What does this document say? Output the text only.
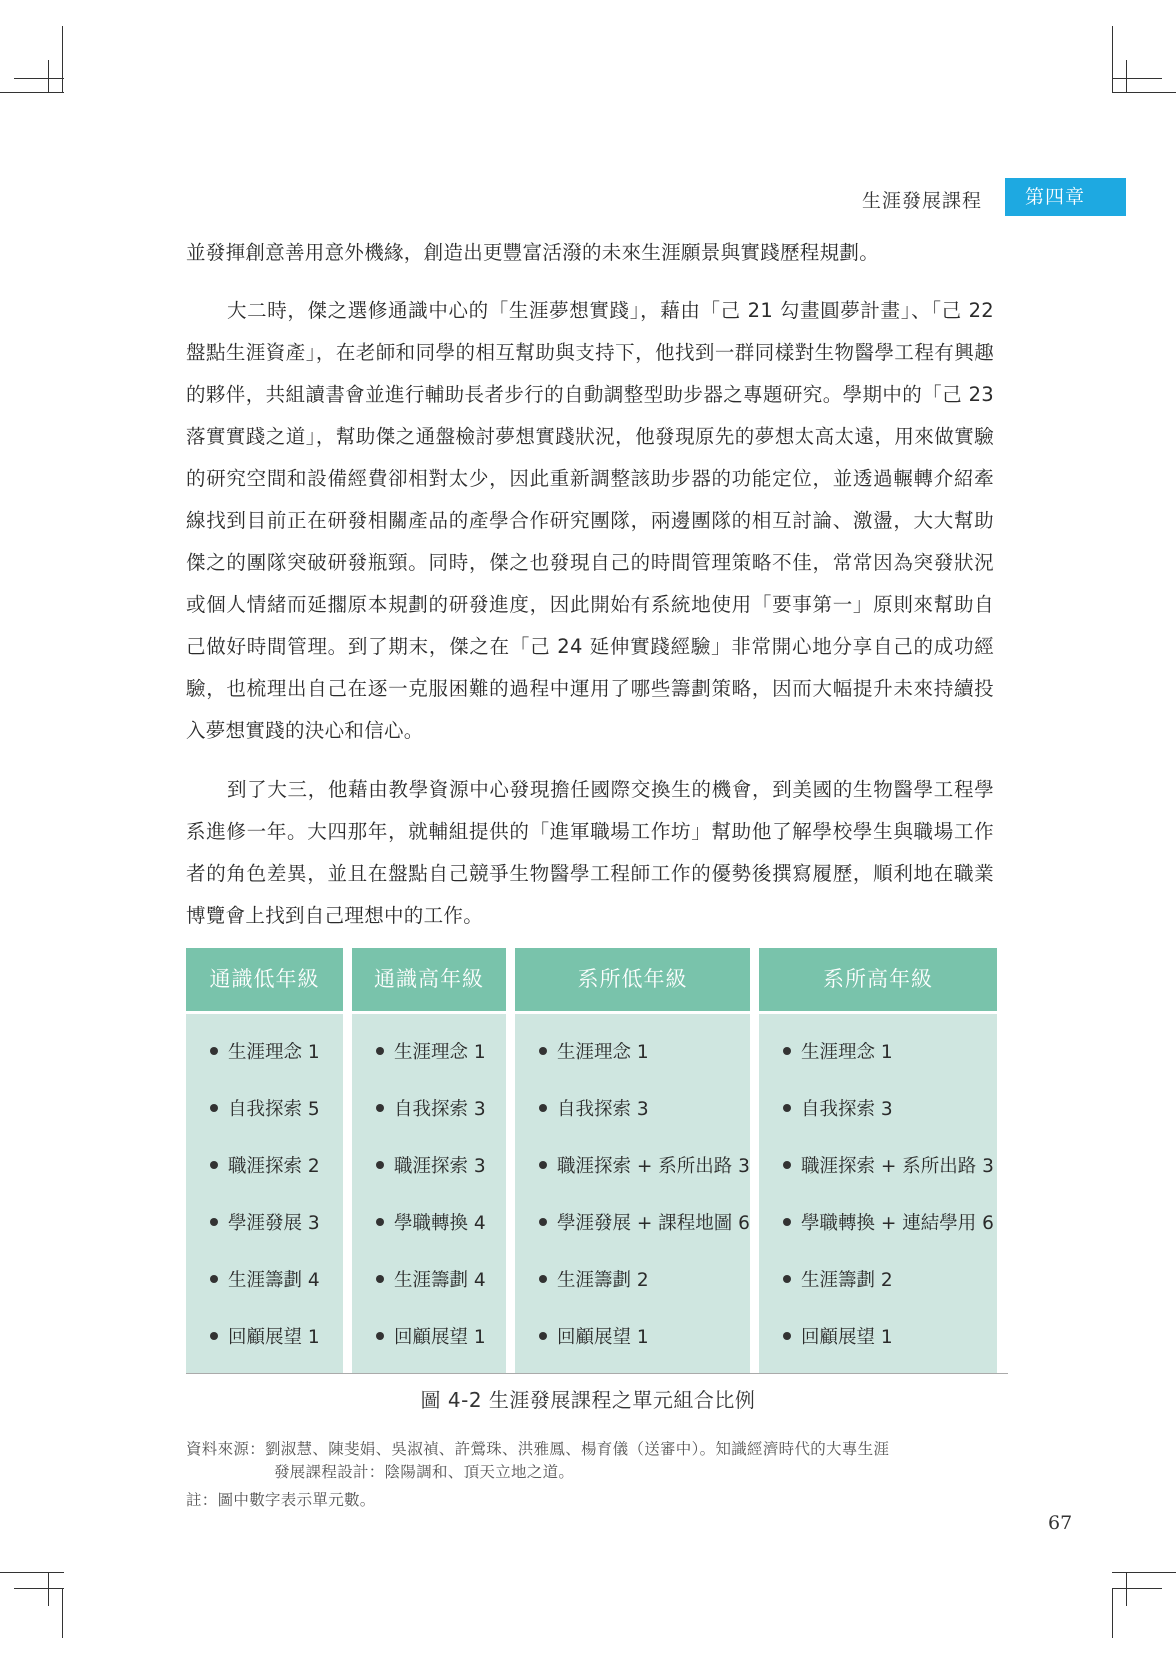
生涯發展課程	第四章

並發揮創意善用意外機緣，創造出更豐富活潑的未來生涯願景與實踐歷程規劃。

大二時，傑之選修通識中心的「生涯夢想實踐」，藉由「己 21 勾畫圓夢計畫」、「己 22 盤點生涯資產」，在老師和同學的相互幫助與支持下，他找到一群同樣對生物醫學工程有興趣的夥伴，共組讀書會並進行輔助長者步行的自動調整型助步器之專題研究。學期中的「己 23 落實實踐之道」，幫助傑之通盤檢討夢想實踐狀況，他發現原先的夢想太高太遠，用來做實驗的研究空間和設備經費卻相對太少，因此重新調整該助步器的功能定位，並透過輾轉介紹牽線找到目前正在研發相關產品的產學合作研究團隊，兩邊團隊的相互討論、激盪，大大幫助傑之的團隊突破研發瓶頸。同時，傑之也發現自己的時間管理策略不佳，常常因為突發狀況或個人情緒而延擱原本規劃的研發進度，因此開始有系統地使用「要事第一」原則來幫助自己做好時間管理。到了期末，傑之在「己 24 延伸實踐經驗」非常開心地分享自己的成功經驗，也梳理出自己在逐一克服困難的過程中運用了哪些籌劃策略，因而大幅提升未來持續投入夢想實踐的決心和信心。

到了大三，他藉由教學資源中心發現擔任國際交換生的機會，到美國的生物醫學工程學系進修一年。大四那年，就輔組提供的「進軍職場工作坊」幫助他了解學校學生與職場工作者的角色差異，並且在盤點自己競爭生物醫學工程師工作的優勢後撰寫履歷，順利地在職業博覽會上找到自己理想中的工作。

通識低年級
生涯理念 1
自我探索 5
職涯探索 2
學涯發展 3
生涯籌劃 4
回顧展望 1
通識高年級
生涯理念 1
自我探索 3
職涯探索 3
學職轉換 4
生涯籌劃 4
回顧展望 1
系所低年級
生涯理念 1
自我探索 3
職涯探索 + 系所出路 3
學涯發展 + 課程地圖 6
生涯籌劃 2
回顧展望 1
系所高年級
生涯理念 1
自我探索 3
職涯探索 + 系所出路 3
學職轉換 + 連結學用 6
生涯籌劃 2
回顧展望 1
圖 4-2 生涯發展課程之單元組合比例
資料來源：劉淑慧、陳斐娟、吳淑禎、許鶯珠、洪雅鳳、楊育儀（送審中）。知識經濟時代的大專生涯
發展課程設計：陰陽調和、頂天立地之道。
註：圖中數字表示單元數。
67
